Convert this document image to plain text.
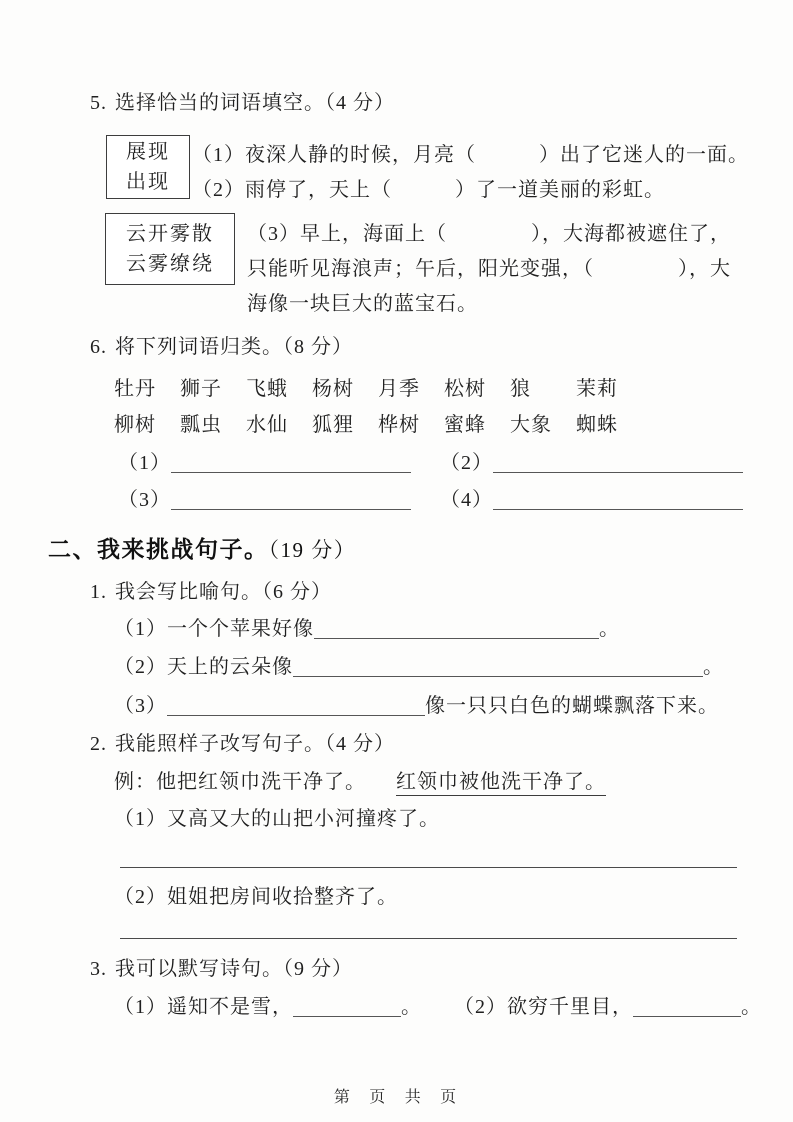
5. 选择恰当的词语填空。（4 分）
展现
出现
（1）夜深人静的时候，月亮（　　　）出了它迷人的一面。
（2）雨停了，天上（　　　）了一道美丽的彩虹。
云开雾散
云雾缭绕
（3）早上，海面上（　　　　），大海都被遮住了，
只能听见海浪声；午后，阳光变强，（　　　　），大
海像一块巨大的蓝宝石。
6. 将下列词语归类。（8 分）
牡丹	狮子	飞蛾	杨树	月季	松树	狼	茉莉
柳树	瓢虫	水仙	狐狸	桦树	蜜蜂	大象	蜘蛛
（1）	（2）
（3）	（4）
二、我来挑战句子。（19 分）
1. 我会写比喻句。（6 分）
（1）一个个苹果好像	。
（2）天上的云朵像	。
（3）	像一只只白色的蝴蝶飘落下来。
2. 我能照样子改写句子。（4 分）
例：他把红领巾洗干净了。 红领巾被他洗干净了。
（1）又高又大的山把小河撞疼了。
（2）姐姐把房间收拾整齐了。
3. 我可以默写诗句。（9 分）
（1）遥知不是雪，	。 （2）欲穷千里目，	。
第 页 共 页
